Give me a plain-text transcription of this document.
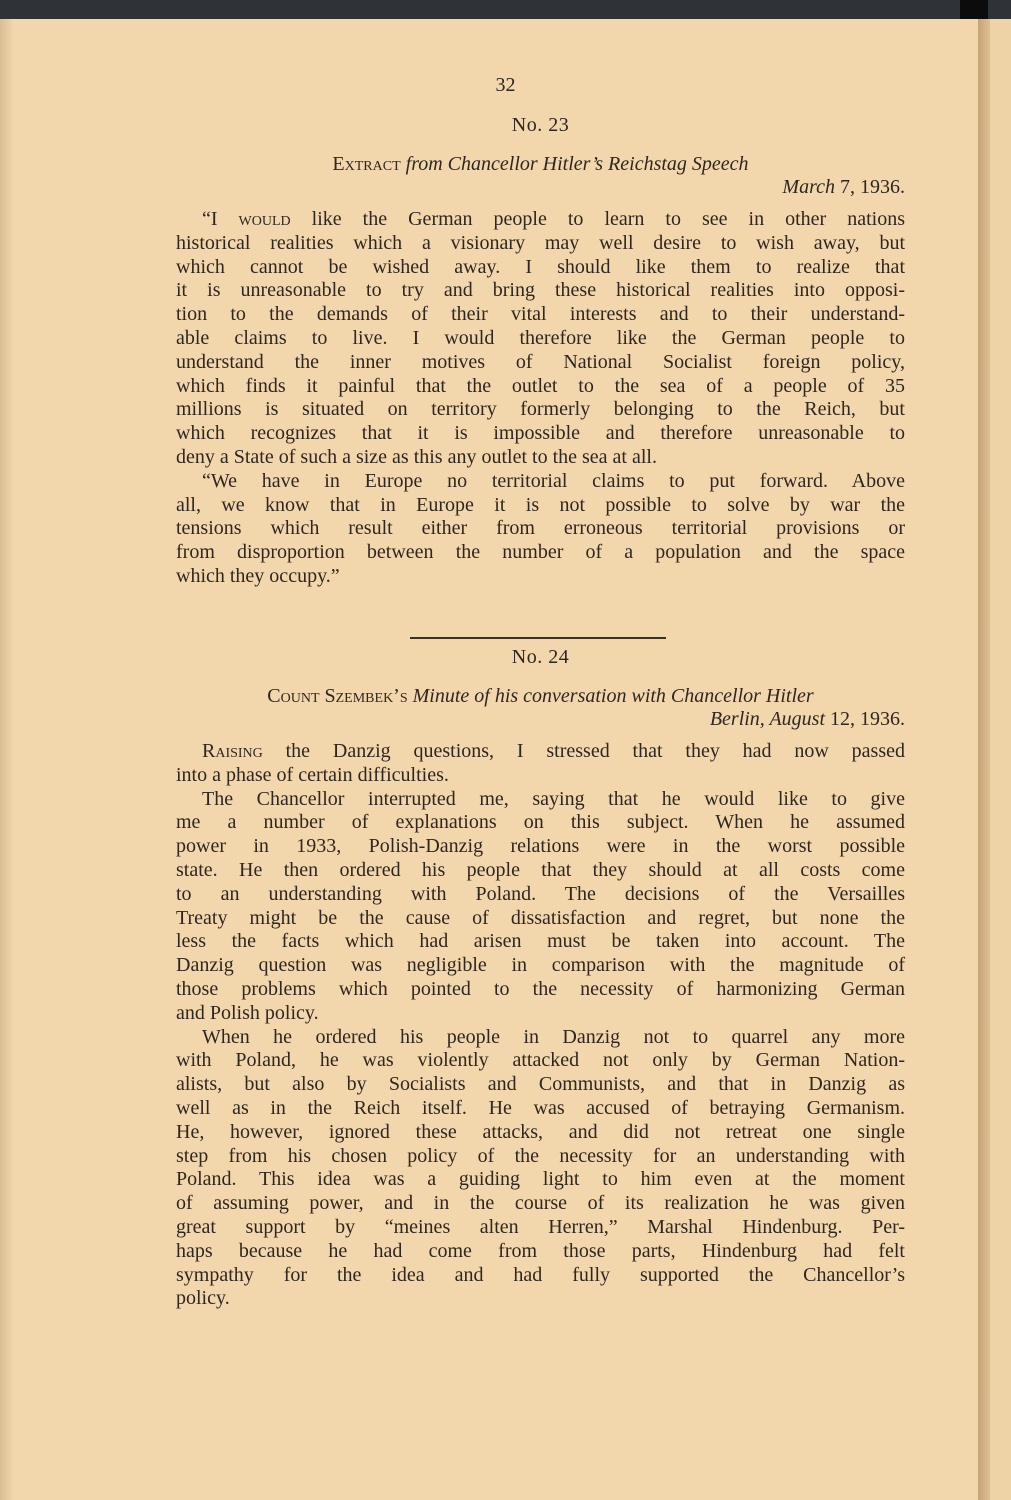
32
No. 23
Extract from Chancellor Hitler’s Reichstag Speech
March 7, 1936.
“I would like the German people to learn to see in other nations
historical realities which a visionary may well desire to wish away, but
which cannot be wished away. I should like them to realize that
it is unreasonable to try and bring these historical realities into opposi-
tion to the demands of their vital interests and to their understand-
able claims to live. I would therefore like the German people to
understand the inner motives of National Socialist foreign policy,
which finds it painful that the outlet to the sea of a people of 35
millions is situated on territory formerly belonging to the Reich, but
which recognizes that it is impossible and therefore unreasonable to
deny a State of such a size as this any outlet to the sea at all.
“We have in Europe no territorial claims to put forward. Above
all, we know that in Europe it is not possible to solve by war the
tensions which result either from erroneous territorial provisions or
from disproportion between the number of a population and the space
which they occupy.”
No. 24
Count Szembek’s Minute of his conversation with Chancellor Hitler
Berlin, August 12, 1936.
Raising the Danzig questions, I stressed that they had now passed
into a phase of certain difficulties.
The Chancellor interrupted me, saying that he would like to give
me a number of explanations on this subject. When he assumed
power in 1933, Polish-Danzig relations were in the worst possible
state. He then ordered his people that they should at all costs come
to an understanding with Poland. The decisions of the Versailles
Treaty might be the cause of dissatisfaction and regret, but none the
less the facts which had arisen must be taken into account. The
Danzig question was negligible in comparison with the magnitude of
those problems which pointed to the necessity of harmonizing German
and Polish policy.
When he ordered his people in Danzig not to quarrel any more
with Poland, he was violently attacked not only by German Nation-
alists, but also by Socialists and Communists, and that in Danzig as
well as in the Reich itself. He was accused of betraying Germanism.
He, however, ignored these attacks, and did not retreat one single
step from his chosen policy of the necessity for an understanding with
Poland. This idea was a guiding light to him even at the moment
of assuming power, and in the course of its realization he was given
great support by “meines alten Herren,” Marshal Hindenburg. Per-
haps because he had come from those parts, Hindenburg had felt
sympathy for the idea and had fully supported the Chancellor’s
policy.
